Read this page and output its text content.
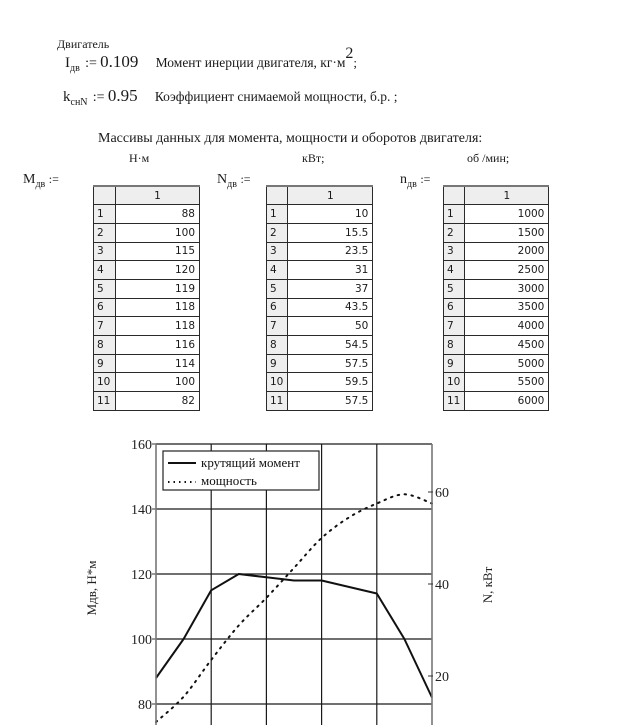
Двигатель
$I_{дв}$ := 0.109 Момент инерции двигателя, кг·м2;
$k_{снN}$ := 0.95 Коэффициент снимаемой мощности, б.р. ;
Массивы данных для момента, мощности и оборотов двигателя:
Н·м	кВт;	об /мин;
$M_{дв}$ :=	$N_{дв}$ :=	$n_{дв}$ :=
	1
1	88
2	100
3	115
4	120
5	119
6	118
7	118
8	116
9	114
10	100
11	82
	1
1	10
2	15.5
3	23.5
4	31
5	37
6	43.5
7	50
8	54.5
9	57.5
10	59.5
11	57.5
	1
1	1000
2	1500
3	2000
4	2500
5	3000
6	3500
7	4000
8	4500
9	5000
10	5500
11	6000
160
140
120
100
80
60
40
20
крутящий момент
мощность
Мдв, Н*м	N, кВт
